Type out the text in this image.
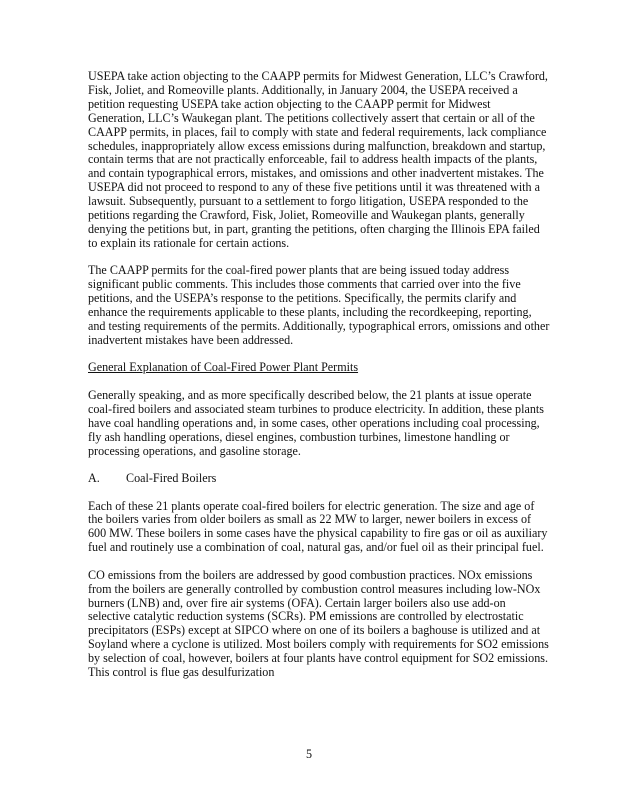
USEPA take action objecting to the CAAPP permits for Midwest Generation, LLC’s Crawford, Fisk, Joliet, and Romeoville plants. Additionally, in January 2004, the USEPA received a petition requesting USEPA take action objecting to the CAAPP permit for Midwest Generation, LLC’s Waukegan plant. The petitions collectively assert that certain or all of the CAAPP permits, in places, fail to comply with state and federal requirements, lack compliance schedules, inappropriately allow excess emissions during malfunction, breakdown and startup, contain terms that are not practically enforceable, fail to address health impacts of the plants, and contain typographical errors, mistakes, and omissions and other inadvertent mistakes. The USEPA did not proceed to respond to any of these five petitions until it was threatened with a lawsuit. Subsequently, pursuant to a settlement to forgo litigation, USEPA responded to the petitions regarding the Crawford, Fisk, Joliet, Romeoville and Waukegan plants, generally denying the petitions but, in part, granting the petitions, often charging the Illinois EPA failed to explain its rationale for certain actions.

The CAAPP permits for the coal-fired power plants that are being issued today address significant public comments. This includes those comments that carried over into the five petitions, and the USEPA’s response to the petitions. Specifically, the permits clarify and enhance the requirements applicable to these plants, including the recordkeeping, reporting, and testing requirements of the permits. Additionally, typographical errors, omissions and other inadvertent mistakes have been addressed.

General Explanation of Coal-Fired Power Plant Permits

Generally speaking, and as more specifically described below, the 21 plants at issue operate coal-fired boilers and associated steam turbines to produce electricity. In addition, these plants have coal handling operations and, in some cases, other operations including coal processing, fly ash handling operations, diesel engines, combustion turbines, limestone handling or processing operations, and gasoline storage.

A. Coal-Fired Boilers

Each of these 21 plants operate coal-fired boilers for electric generation. The size and age of the boilers varies from older boilers as small as 22 MW to larger, newer boilers in excess of 600 MW. These boilers in some cases have the physical capability to fire gas or oil as auxiliary fuel and routinely use a combination of coal, natural gas, and/or fuel oil as their principal fuel.

CO emissions from the boilers are addressed by good combustion practices. NOx emissions from the boilers are generally controlled by combustion control measures including low-NOx burners (LNB) and, over fire air systems (OFA). Certain larger boilers also use add-on selective catalytic reduction systems (SCRs). PM emissions are controlled by electrostatic precipitators (ESPs) except at SIPCO where on one of its boilers a baghouse is utilized and at Soyland where a cyclone is utilized. Most boilers comply with requirements for SO2 emissions by selection of coal, however, boilers at four plants have control equipment for SO2 emissions. This control is flue gas desulfurization

5
